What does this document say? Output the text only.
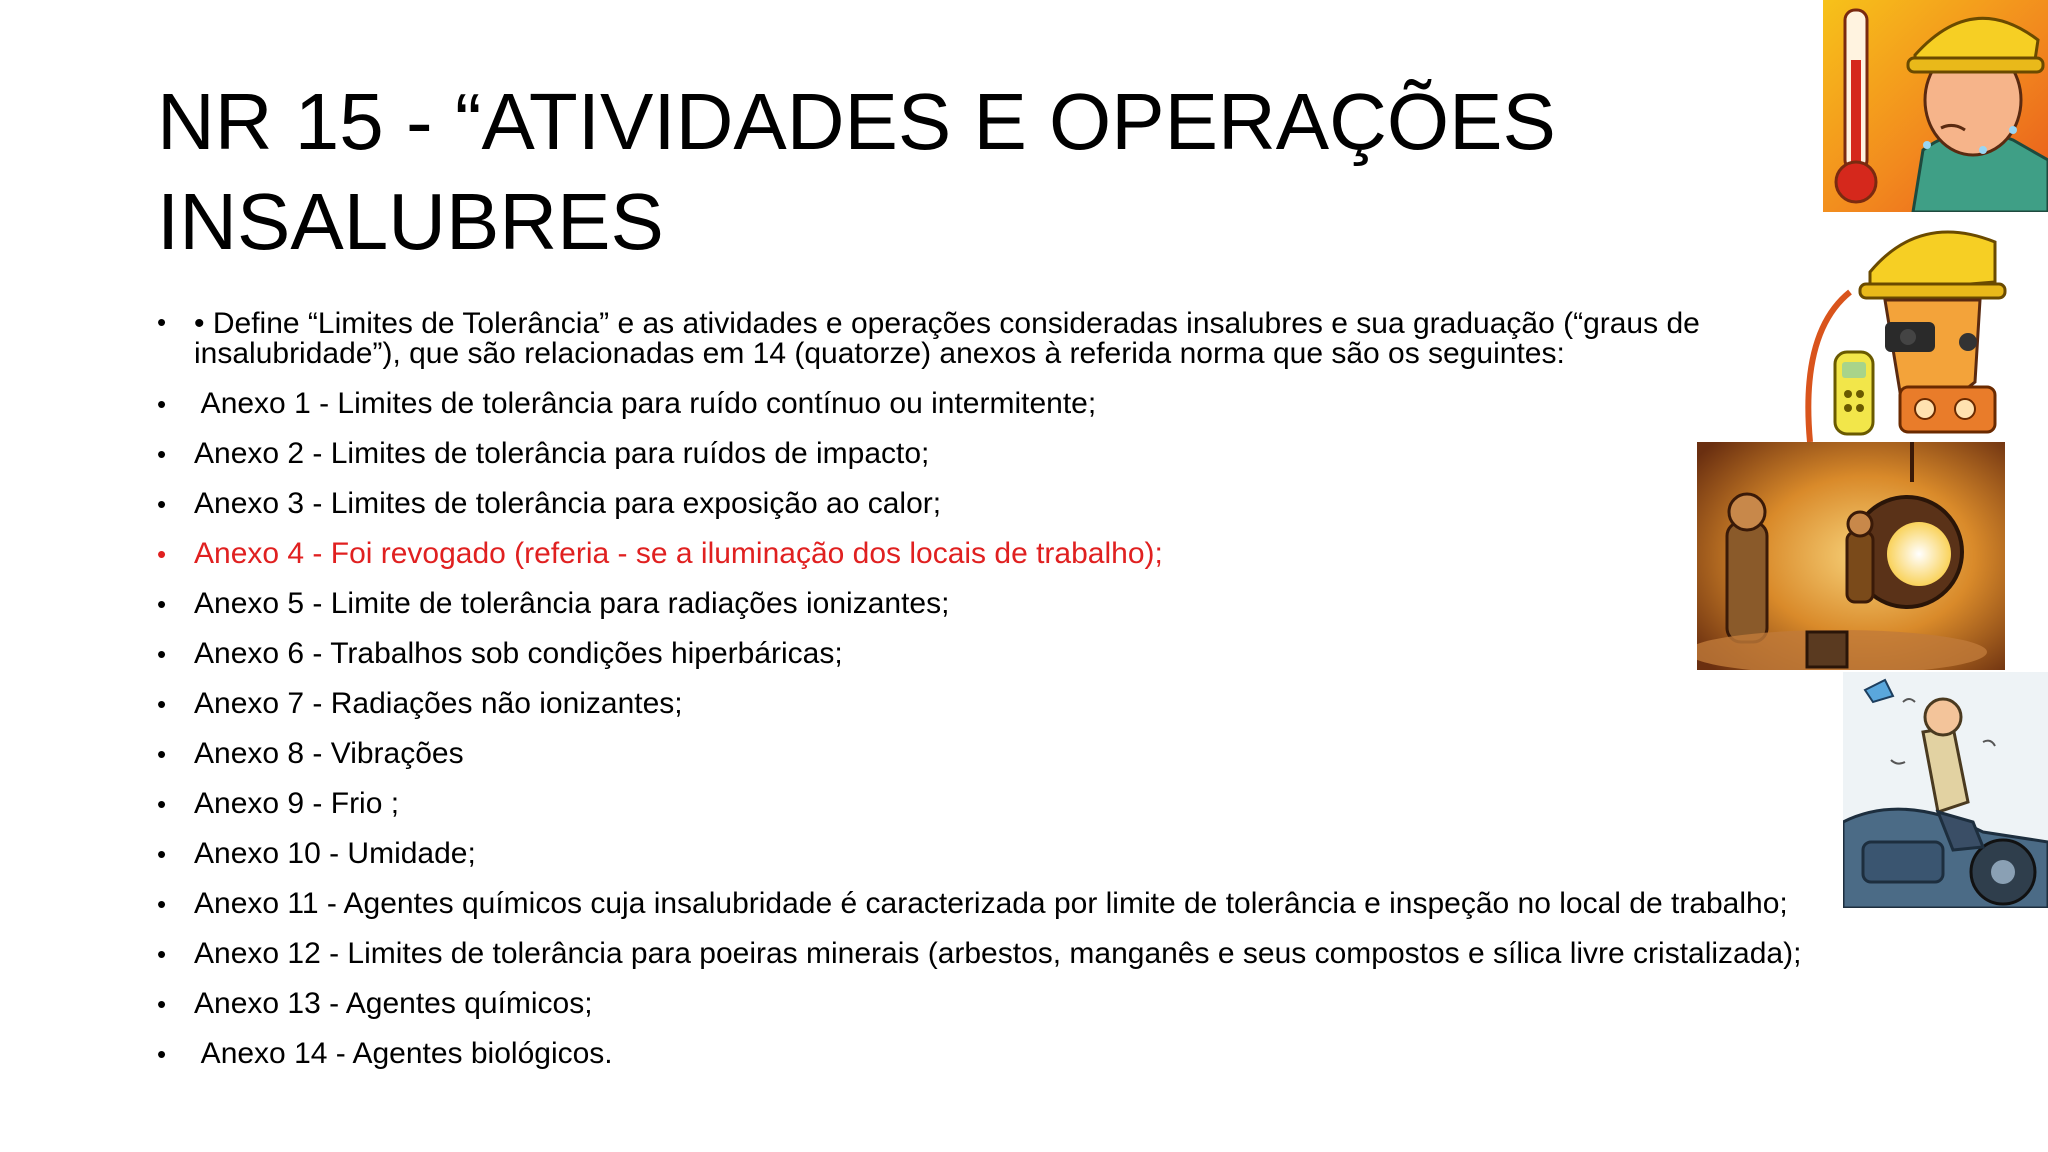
NR 15 - “ATIVIDADES E OPERAÇÕES INSALUBRES
• • Define “Limites de Tolerância” e as atividades e operações consideradas insalubres e sua graduação (“graus de insalubridade”), que são relacionadas em 14 (quatorze) anexos à referida norma que são os seguintes:
• Anexo 1 - Limites de tolerância para ruído contínuo ou intermitente;
• Anexo 2 - Limites de tolerância para ruídos de impacto;
• Anexo 3 - Limites de tolerância para exposição ao calor;
• Anexo 4 - Foi revogado (referia - se a iluminação dos locais de trabalho);
• Anexo 5 - Limite de tolerância para radiações ionizantes;
• Anexo 6 - Trabalhos sob condições hiperbáricas;
• Anexo 7 - Radiações não ionizantes;
• Anexo 8 - Vibrações
• Anexo 9 - Frio ;
• Anexo 10 - Umidade;
• Anexo 11 - Agentes químicos cuja insalubridade é caracterizada por limite de tolerância e inspeção no local de trabalho;
• Anexo 12 - Limites de tolerância para poeiras minerais (arbestos, manganês e seus compostos e sílica livre cristalizada);
• Anexo 13 - Agentes químicos;
• Anexo 14 - Agentes biológicos.
